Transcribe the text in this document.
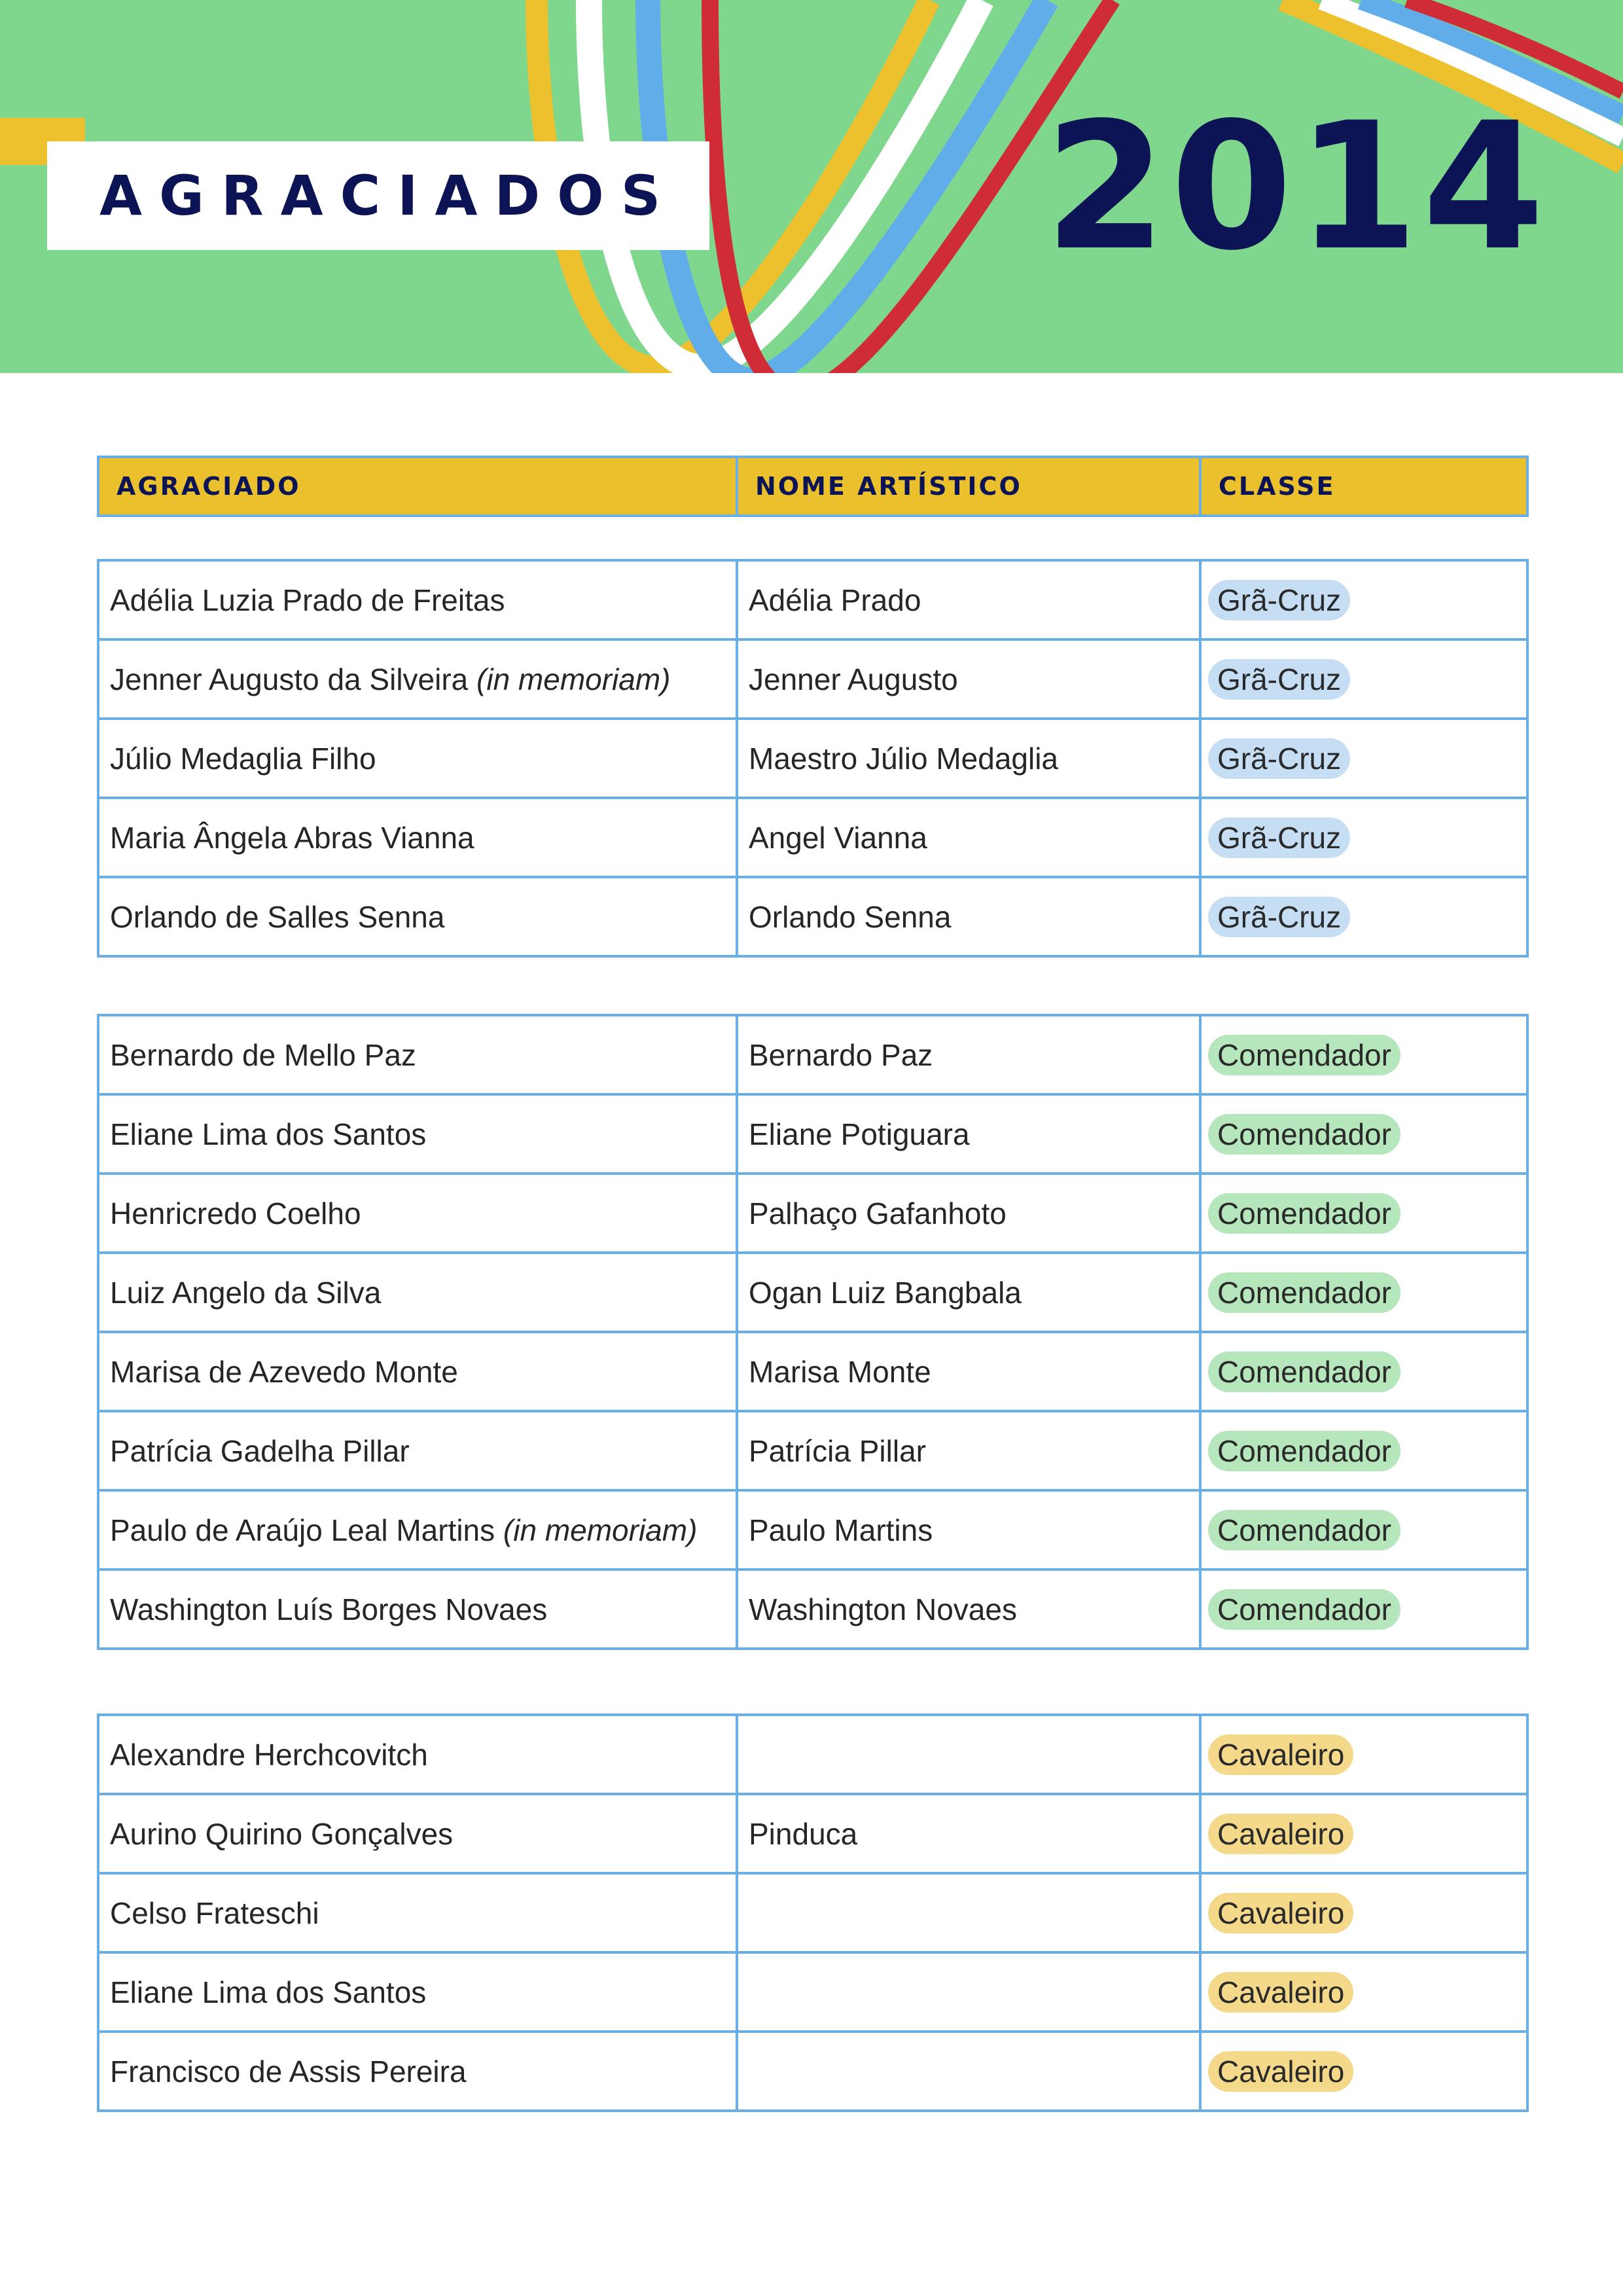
AGRACIADOS 2014
AGRACIADO	NOME ARTÍSTICO	CLASSE
Adélia Luzia Prado de Freitas	Adélia Prado	Grã-Cruz
Jenner Augusto da Silveira (in memoriam)	Jenner Augusto	Grã-Cruz
Júlio Medaglia Filho	Maestro Júlio Medaglia	Grã-Cruz
Maria Ângela Abras Vianna	Angel Vianna	Grã-Cruz
Orlando de Salles Senna	Orlando Senna	Grã-Cruz
Bernardo de Mello Paz	Bernardo Paz	Comendador
Eliane Lima dos Santos	Eliane Potiguara	Comendador
Henricredo Coelho	Palhaço Gafanhoto	Comendador
Luiz Angelo da Silva	Ogan Luiz Bangbala	Comendador
Marisa de Azevedo Monte	Marisa Monte	Comendador
Patrícia Gadelha Pillar	Patrícia Pillar	Comendador
Paulo de Araújo Leal Martins (in memoriam)	Paulo Martins	Comendador
Washington Luís Borges Novaes	Washington Novaes	Comendador
Alexandre Herchcovitch		Cavaleiro
Aurino Quirino Gonçalves	Pinduca	Cavaleiro
Celso Frateschi		Cavaleiro
Eliane Lima dos Santos		Cavaleiro
Francisco de Assis Pereira		Cavaleiro
